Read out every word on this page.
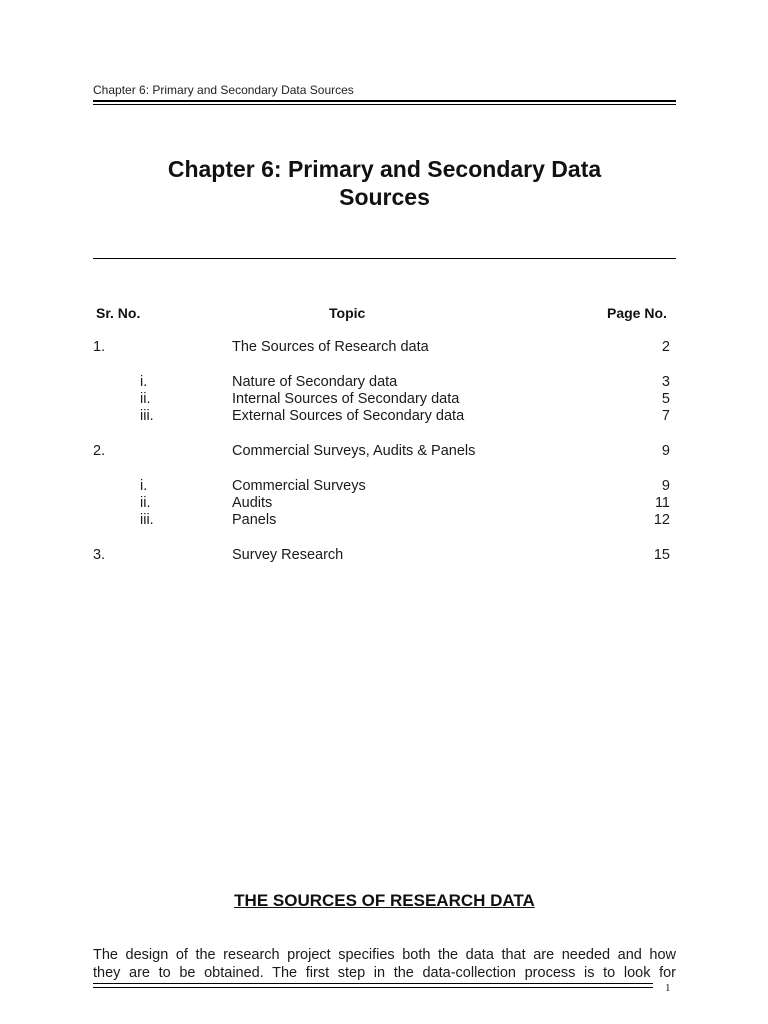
Chapter 6: Primary and Secondary Data Sources
Chapter 6: Primary and Secondary Data
Sources
Sr. No.	Topic	Page No.
1.	The Sources of Research data	2
i.	Nature of Secondary data	3
ii.	Internal Sources of Secondary data	5
iii.	External Sources of Secondary data	7
2.	Commercial Surveys, Audits & Panels	9
i.	Commercial Surveys	9
ii.	Audits	11
iii.	Panels	12
3.	Survey Research	15
THE SOURCES OF RESEARCH DATA
The design of the research project specifies both the data that are needed and how
they are to be obtained. The first step in the data-collection process is to look for
1
